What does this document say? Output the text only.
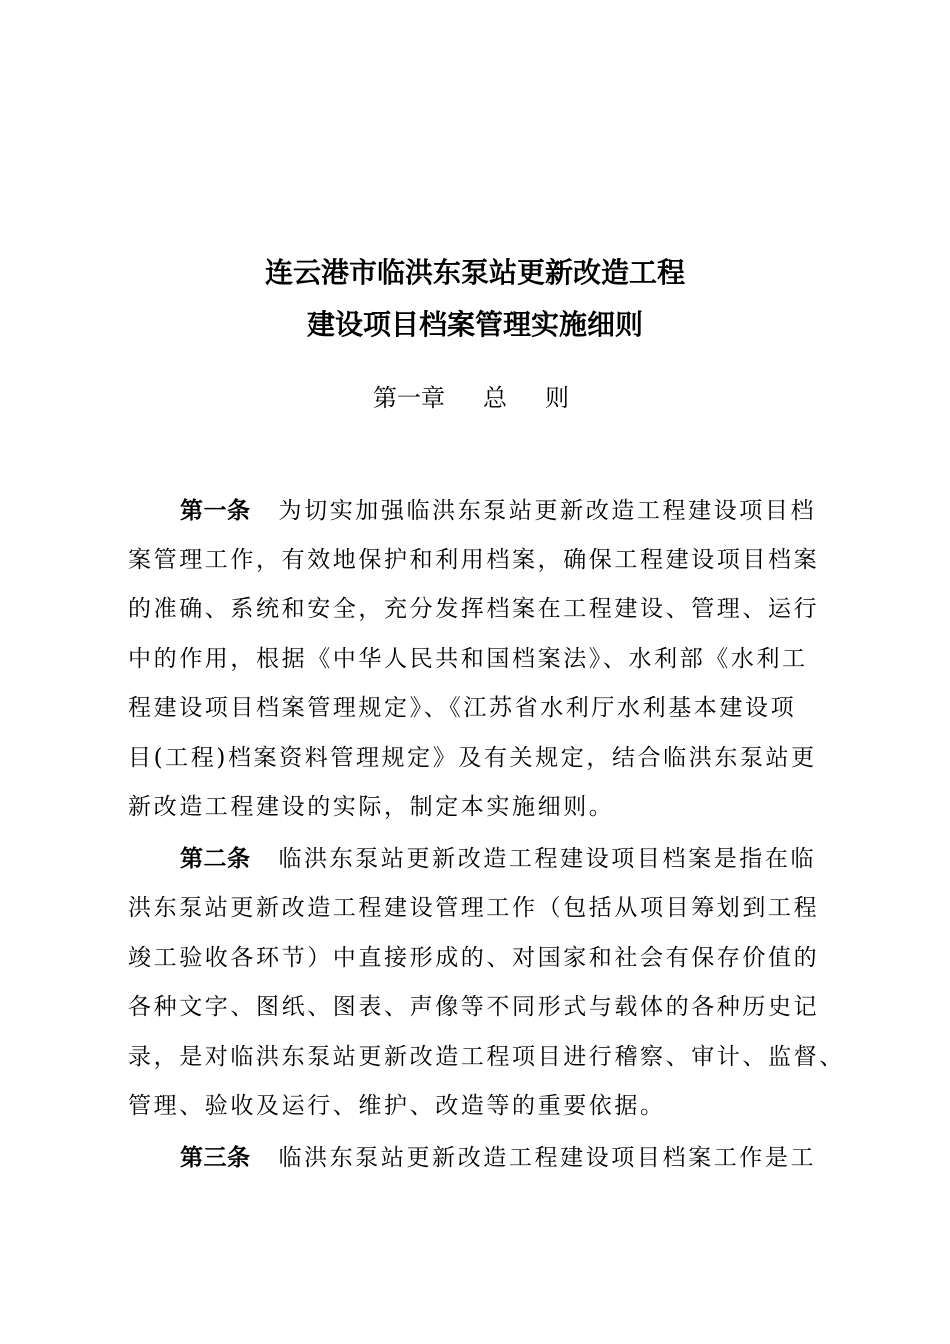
连云港市临洪东泵站更新改造工程
建设项目档案管理实施细则
第一章 总 则
第一条 为切实加强临洪东泵站更新改造工程建设项目档
案管理工作，有效地保护和利用档案，确保工程建设项目档案
的准确、系统和安全，充分发挥档案在工程建设、管理、运行
中的作用，根据《中华人民共和国档案法》、水利部《水利工
程建设项目档案管理规定》、《江苏省水利厅水利基本建设项
目(工程)档案资料管理规定》及有关规定，结合临洪东泵站更
新改造工程建设的实际，制定本实施细则。
第二条 临洪东泵站更新改造工程建设项目档案是指在临
洪东泵站更新改造工程建设管理工作（包括从项目筹划到工程
竣工验收各环节）中直接形成的、对国家和社会有保存价值的
各种文字、图纸、图表、声像等不同形式与载体的各种历史记
录，是对临洪东泵站更新改造工程项目进行稽察、审计、监督、
管理、验收及运行、维护、改造等的重要依据。
第三条 临洪东泵站更新改造工程建设项目档案工作是工
